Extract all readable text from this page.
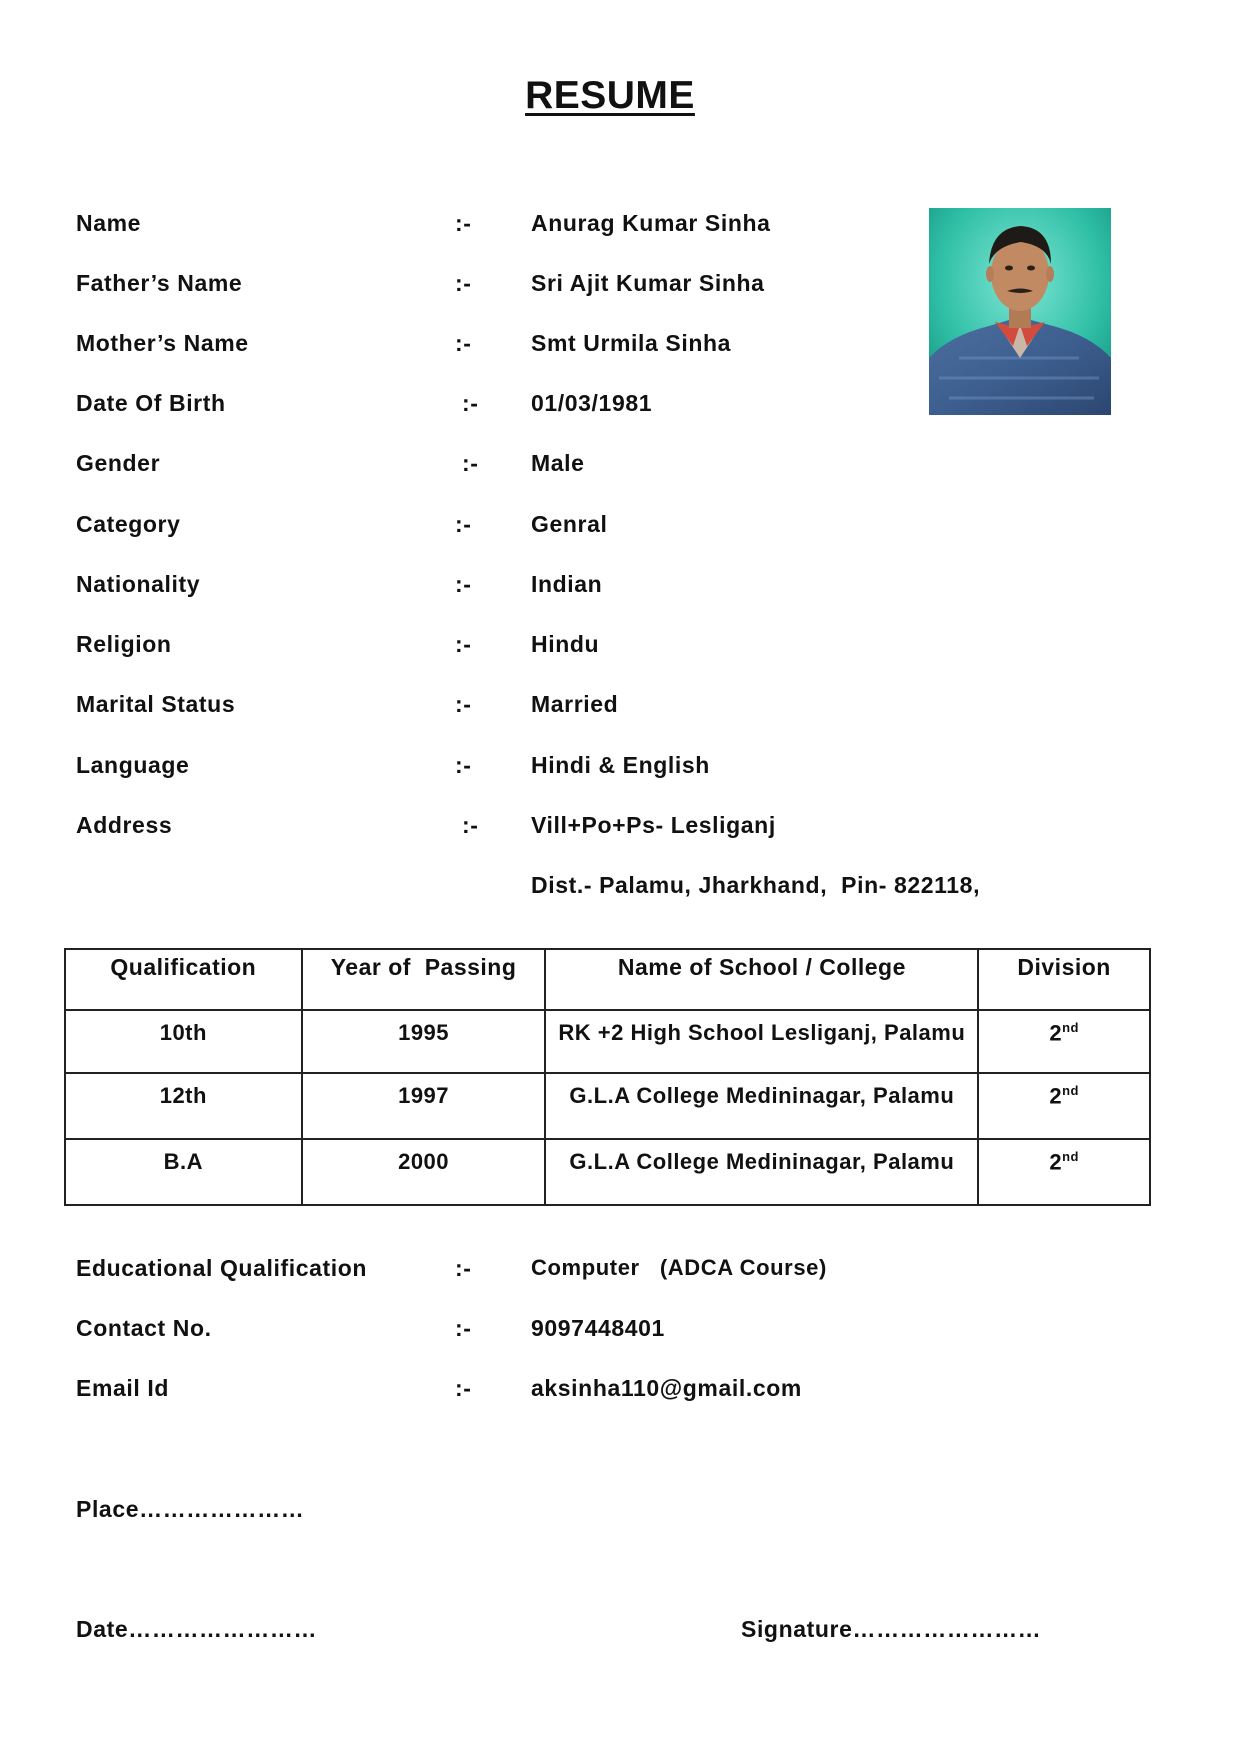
RESUME
Name	:-	Anurag Kumar Sinha
Father’s Name	:-	Sri Ajit Kumar Sinha
Mother’s Name	:-	Smt Urmila Sinha
Date Of Birth	:- 01/03/1981
Gender	:- Male
Category	:-	Genral
Nationality	:-	Indian
Religion	:-	Hindu
Marital Status	:-	Married
Language	:-	Hindi & English
Address	:- Vill+Po+Ps- Lesliganj
Dist.- Palamu, Jharkhand,  Pin- 822118,
Qualification	Year of  Passing	Name of School / College	Division
10th	1995	RK +2 High School Lesliganj, Palamu	2nd
12th	1997	G.L.A College Medininagar, Palamu	2nd
B.A	2000	G.L.A College Medininagar, Palamu	2nd
Educational Qualification	:-	Computer   (ADCA Course)
Contact No.	:-	9097448401
Email Id	:-	aksinha110@gmail.com
Place…………………
Date……………………	Signature……………………
